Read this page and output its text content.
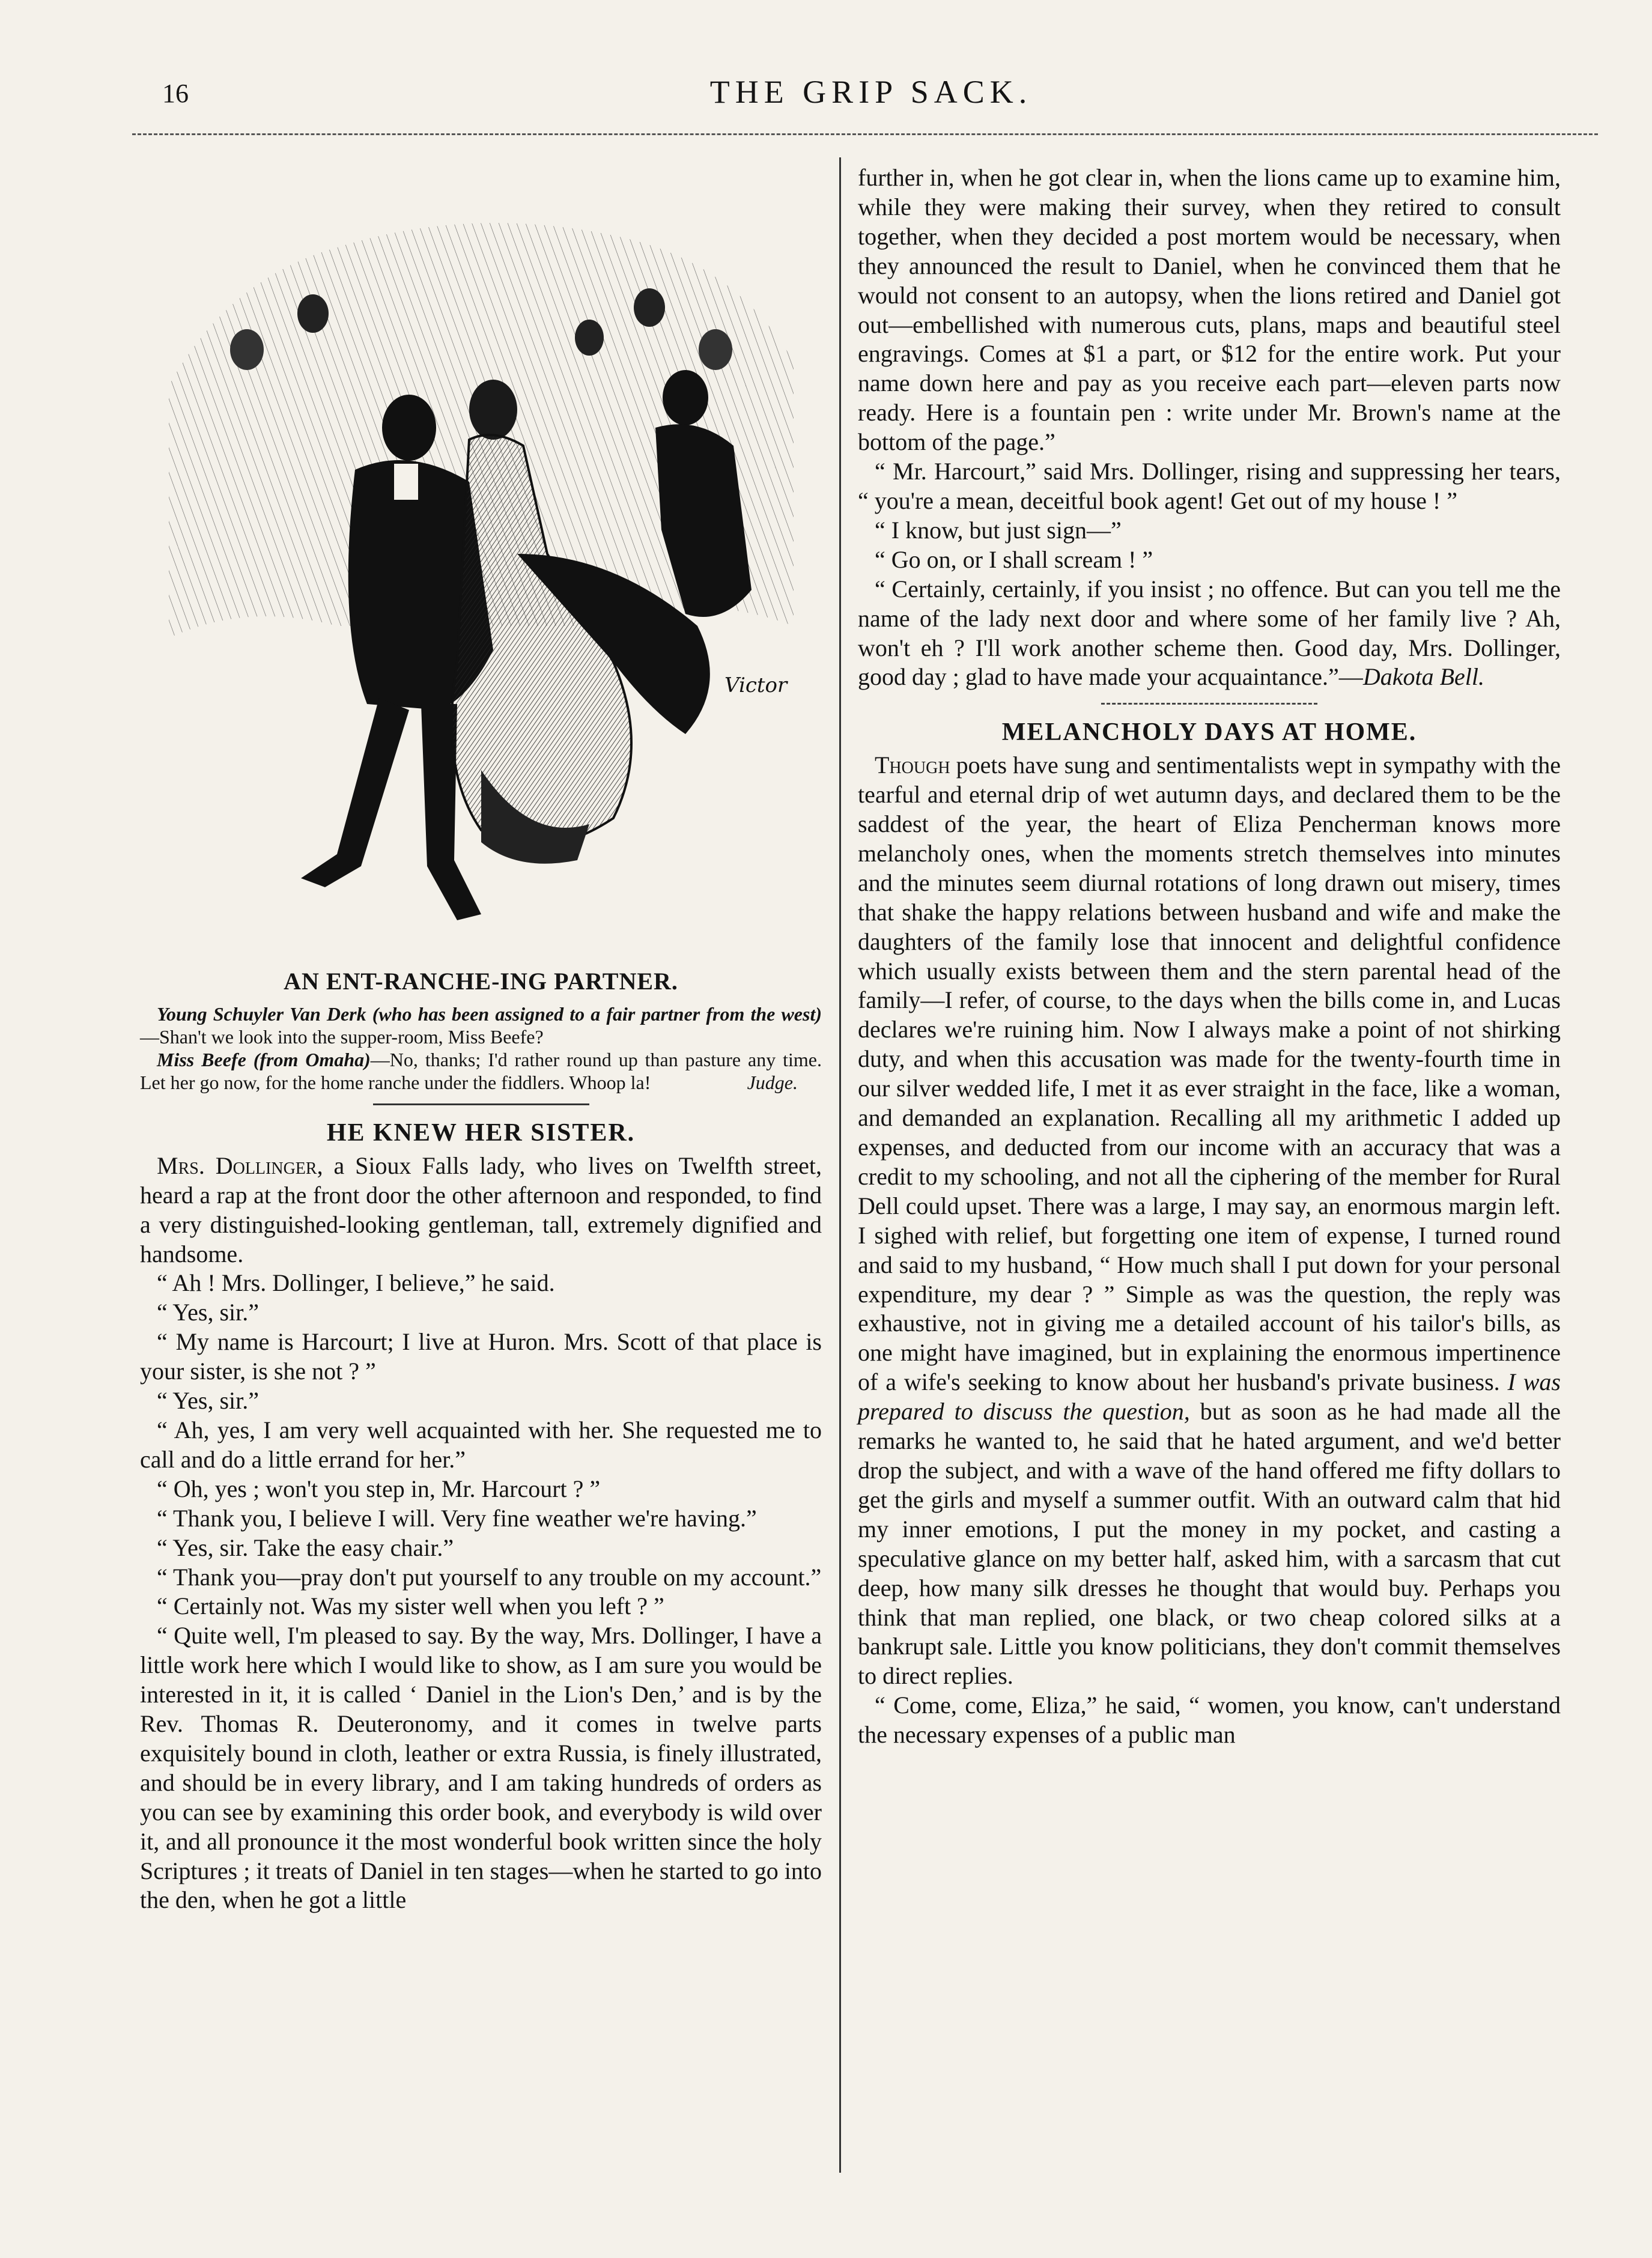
16	THE GRIP SACK.
Victor
AN ENT-RANCHE-ING PARTNER.

Young Schuyler Van Derk (who has been assigned to a fair partner from the west)—Shan't we look into the supper-room, Miss Beefe?

Miss Beefe (from Omaha)—No, thanks; I'd rather round up than pasture any time. Let her go now, for the home ranche under the fiddlers. Whoop la!	Judge.

HE KNEW HER SISTER.

Mrs. Dollinger, a Sioux Falls lady, who lives on Twelfth street, heard a rap at the front door the other afternoon and responded, to find a very distinguished-looking gentleman, tall, extremely dignified and handsome.

“ Ah ! Mrs. Dollinger, I believe,” he said.

“ Yes, sir.”

“ My name is Harcourt; I live at Huron. Mrs. Scott of that place is your sister, is she not ? ”

“ Yes, sir.”

“ Ah, yes, I am very well acquainted with her. She requested me to call and do a little errand for her.”

“ Oh, yes ; won't you step in, Mr. Harcourt ? ”

“ Thank you, I believe I will. Very fine weather we're having.”

“ Yes, sir. Take the easy chair.”

“ Thank you—pray don't put yourself to any trouble on my account.”

“ Certainly not. Was my sister well when you left ? ”

“ Quite well, I'm pleased to say. By the way, Mrs. Dollinger, I have a little work here which I would like to show, as I am sure you would be interested in it, it is called ‘ Daniel in the Lion's Den,’ and is by the Rev. Thomas R. Deuteronomy, and it comes in twelve parts exquisitely bound in cloth, leather or extra Russia, is finely illustrated, and should be in every library, and I am taking hundreds of orders as you can see by examining this order book, and everybody is wild over it, and all pronounce it the most wonderful book written since the holy Scriptures ; it treats of Daniel in ten stages—when he started to go into the den, when he got a little

further in, when he got clear in, when the lions came up to examine him, while they were making their survey, when they retired to consult together, when they decided a post mortem would be necessary, when they announced the result to Daniel, when he convinced them that he would not consent to an autopsy, when the lions retired and Daniel got out—embellished with numerous cuts, plans, maps and beautiful steel engravings. Comes at $1 a part, or $12 for the entire work. Put your name down here and pay as you receive each part—eleven parts now ready. Here is a fountain pen : write under Mr. Brown's name at the bottom of the page.”

“ Mr. Harcourt,” said Mrs. Dollinger, rising and suppressing her tears, “ you're a mean, deceitful book agent! Get out of my house ! ”

“ I know, but just sign—”

“ Go on, or I shall scream ! ”

“ Certainly, certainly, if you insist ; no offence. But can you tell me the name of the lady next door and where some of her family live ? Ah, won't eh ? I'll work another scheme then. Good day, Mrs. Dollinger, good day ; glad to have made your acquaintance.”—Dakota Bell.

MELANCHOLY DAYS AT HOME.

Though poets have sung and sentimentalists wept in sympathy with the tearful and eternal drip of wet autumn days, and declared them to be the saddest of the year, the heart of Eliza Pencherman knows more melancholy ones, when the moments stretch themselves into minutes and the minutes seem diurnal rotations of long drawn out misery, times that shake the happy relations between husband and wife and make the daughters of the family lose that innocent and delightful confidence which usually exists between them and the stern parental head of the family—I refer, of course, to the days when the bills come in, and Lucas declares we're ruining him. Now I always make a point of not shirking duty, and when this accusation was made for the twenty-fourth time in our silver wedded life, I met it as ever straight in the face, like a woman, and demanded an explanation. Recalling all my arithmetic I added up expenses, and deducted from our income with an accuracy that was a credit to my schooling, and not all the ciphering of the member for Rural Dell could upset. There was a large, I may say, an enormous margin left. I sighed with relief, but forgetting one item of expense, I turned round and said to my husband, “ How much shall I put down for your personal expenditure, my dear ? ” Simple as was the question, the reply was exhaustive, not in giving me a detailed account of his tailor's bills, as one might have imagined, but in explaining the enormous impertinence of a wife's seeking to know about her husband's private business. I was prepared to discuss the question, but as soon as he had made all the remarks he wanted to, he said that he hated argument, and we'd better drop the subject, and with a wave of the hand offered me fifty dollars to get the girls and myself a summer outfit. With an outward calm that hid my inner emotions, I put the money in my pocket, and casting a speculative glance on my better half, asked him, with a sarcasm that cut deep, how many silk dresses he thought that would buy. Perhaps you think that man replied, one black, or two cheap colored silks at a bankrupt sale. Little you know politicians, they don't commit themselves to direct replies.

“ Come, come, Eliza,” he said, “ women, you know, can't understand the necessary expenses of a public man
